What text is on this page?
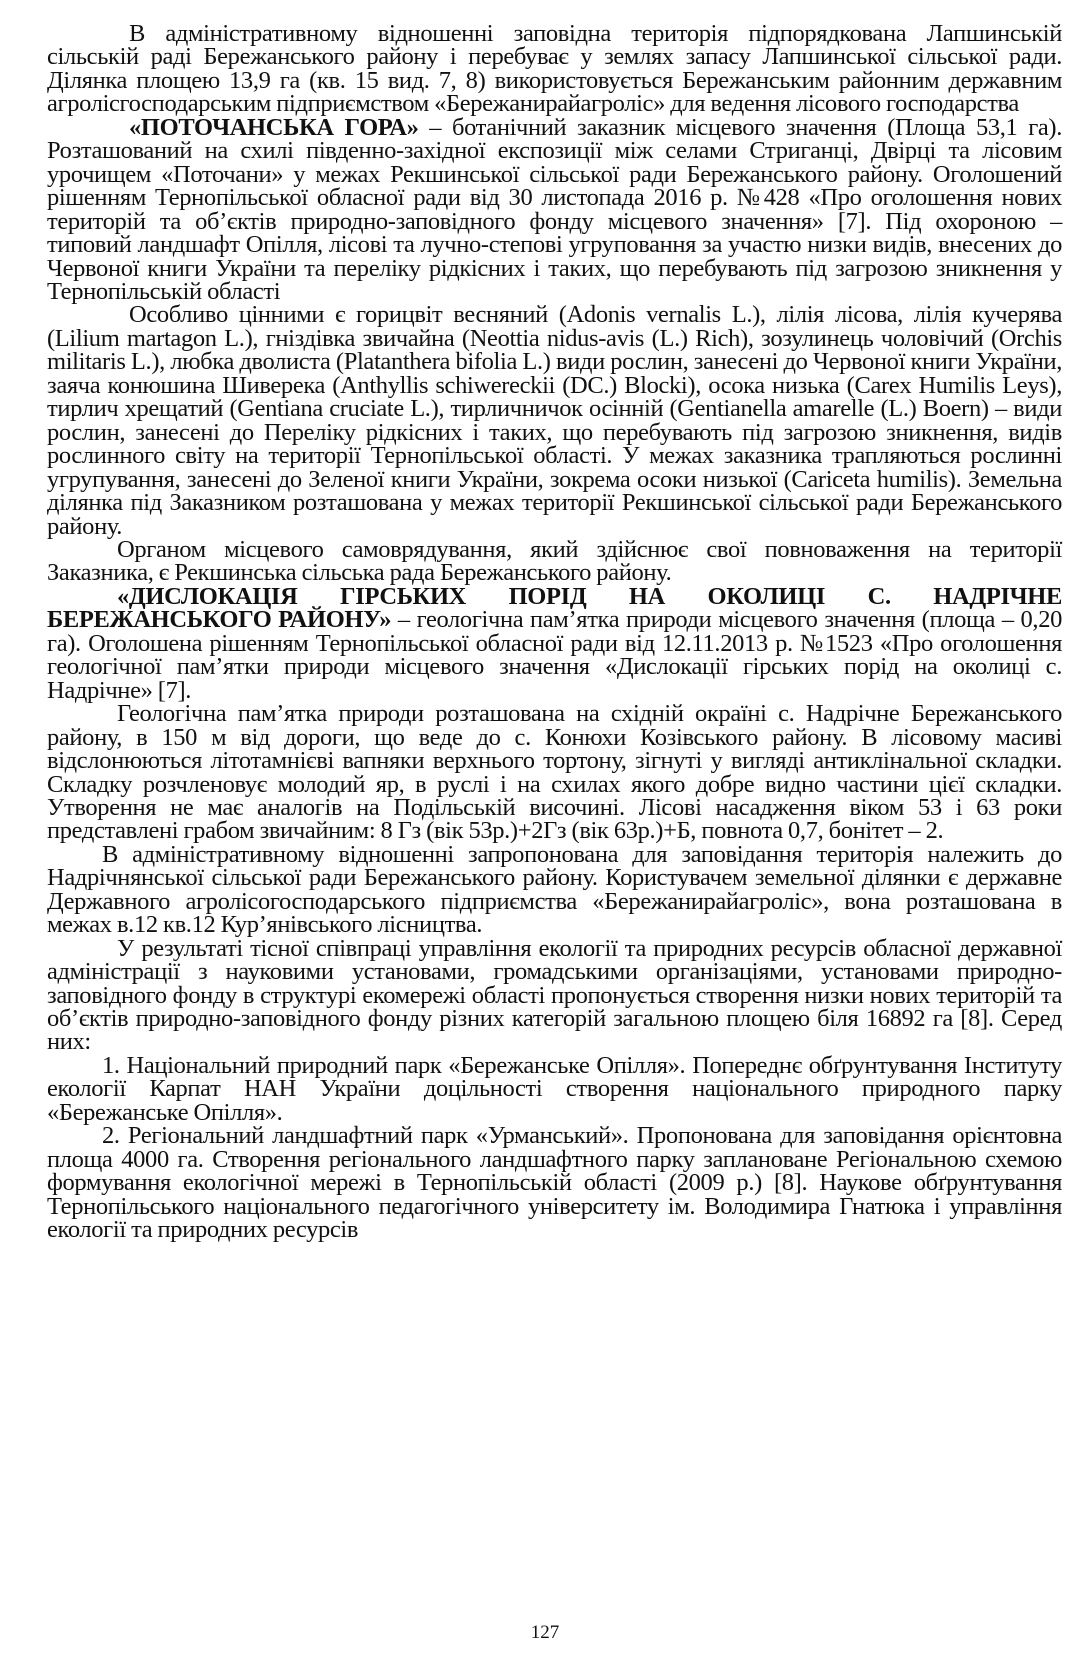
В адміністративному відношенні заповідна територія підпорядкована Лапшинській сільській раді Бережанського району і перебуває у землях запасу Лапшинської сільської ради. Ділянка площею 13,9 га (кв. 15 вид. 7, 8) використовується Бережанським районним державним агролісгосподарським підприємством «Бережанирайагроліс» для ведення лісового господарства

«ПОТОЧАНСЬКА ГОРА» – ботанічний заказник місцевого значення (Площа 53,1 га). Розташований на схилі південно-західної експозиції між селами Стриганці, Двірці та лісовим урочищем «Поточани» у межах Рекшинської сільської ради Бережанського району. Оголошений рішенням Тернопільської обласної ради від 30 листопада 2016 р. №428 «Про оголошення нових територій та об’єктів природно-заповідного фонду місцевого значення» [7]. Під охороною – типовий ландшафт Опілля, лісові та лучно-степові угруповання за участю низки видів, внесених до Червоної книги України та переліку рідкісних і таких, що перебувають під загрозою зникнення у Тернопільській області

Особливо цінними є горицвіт весняний (Adonis vernalis L.), лілія лісова, лілія кучерява (Lilium martagon L.), гніздівка звичайна (Neottia nidus-avis (L.) Rich), зозулинець чоловічий (Orchis militaris L.), любка дволиста (Platanthera bifolia L.) види рослин, занесені до Червоної книги України, заяча конюшина Шиверека (Anthyllis schiwereckii (DC.) Blocki), осока низька (Carex Humilis Leys), тирлич хрещатий (Gentiana cruciate L.), тирличничок осінній (Gentianella amarelle (L.) Boern) – види рослин, занесені до Переліку рідкісних і таких, що перебувають під загрозою зникнення, видів рослинного світу на території Тернопільської області. У межах заказника трапляються рослинні угрупування, занесені до Зеленої книги України, зокрема осоки низької (Cariceta humilis). Земельна ділянка під Заказником розташована у межах території Рекшинської сільської ради Бережанського району.

Органом місцевого самоврядування, який здійснює свої повноваження на території Заказника, є Рекшинська сільська рада Бережанського району.

«ДИСЛОКАЦІЯ ГІРСЬКИХ ПОРІД НА ОКОЛИЦІ С. НАДРІЧНЕ БЕРЕЖАНСЬКОГО РАЙОНУ» – геологічна пам’ятка природи місцевого значення (площа – 0,20 га). Оголошена рішенням Тернопільської обласної ради від 12.11.2013 р. №1523 «Про оголошення геологічної пам’ятки природи місцевого значення «Дислокації гірських порід на околиці с. Надрічне» [7].

Геологічна пам’ятка природи розташована на східній окраїні с. Надрічне Бережанського району, в 150 м від дороги, що веде до с. Конюхи Козівського району. В лісовому масиві відслонюються літотамнієві вапняки верхнього тортону, зігнуті у вигляді антиклінальної складки. Складку розчленовує молодий яр, в руслі і на схилах якого добре видно частини цієї складки. Утворення не має аналогів на Подільській височині. Лісові насадження віком 53 і 63 роки представлені грабом звичайним: 8 Гз (вік 53р.)+2Гз (вік 63р.)+Б, повнота 0,7, бонітет – 2.

В адміністративному відношенні запропонована для заповідання територія належить до Надрічнянської сільської ради Бережанського району. Користувачем земельної ділянки є державне Державного агролісогосподарського підприємства «Бережанирайагроліс», вона розташована в межах в.12 кв.12 Кур’янівського лісництва.

У результаті тісної співпраці управління екології та природних ресурсів обласної державної адміністрації з науковими установами, громадськими організаціями, установами природно-заповідного фонду в структурі екомережі області пропонується створення низки нових територій та об’єктів природно-заповідного фонду різних категорій загальною площею біля 16892 га [8]. Серед них:

1. Національний природний парк «Бережанське Опілля». Попереднє обґрунтування Інституту екології Карпат НАН України доцільності створення національного природного парку «Бережанське Опілля».

2. Регіональний ландшафтний парк «Урманський». Пропонована для заповідання орієнтовна площа 4000 га. Створення регіонального ландшафтного парку заплановане Регіональною схемою формування екологічної мережі в Тернопільській області (2009 р.) [8]. Наукове обґрунтування Тернопільського національного педагогічного університету ім. Володимира Гнатюка і управління екології та природних ресурсів

127
